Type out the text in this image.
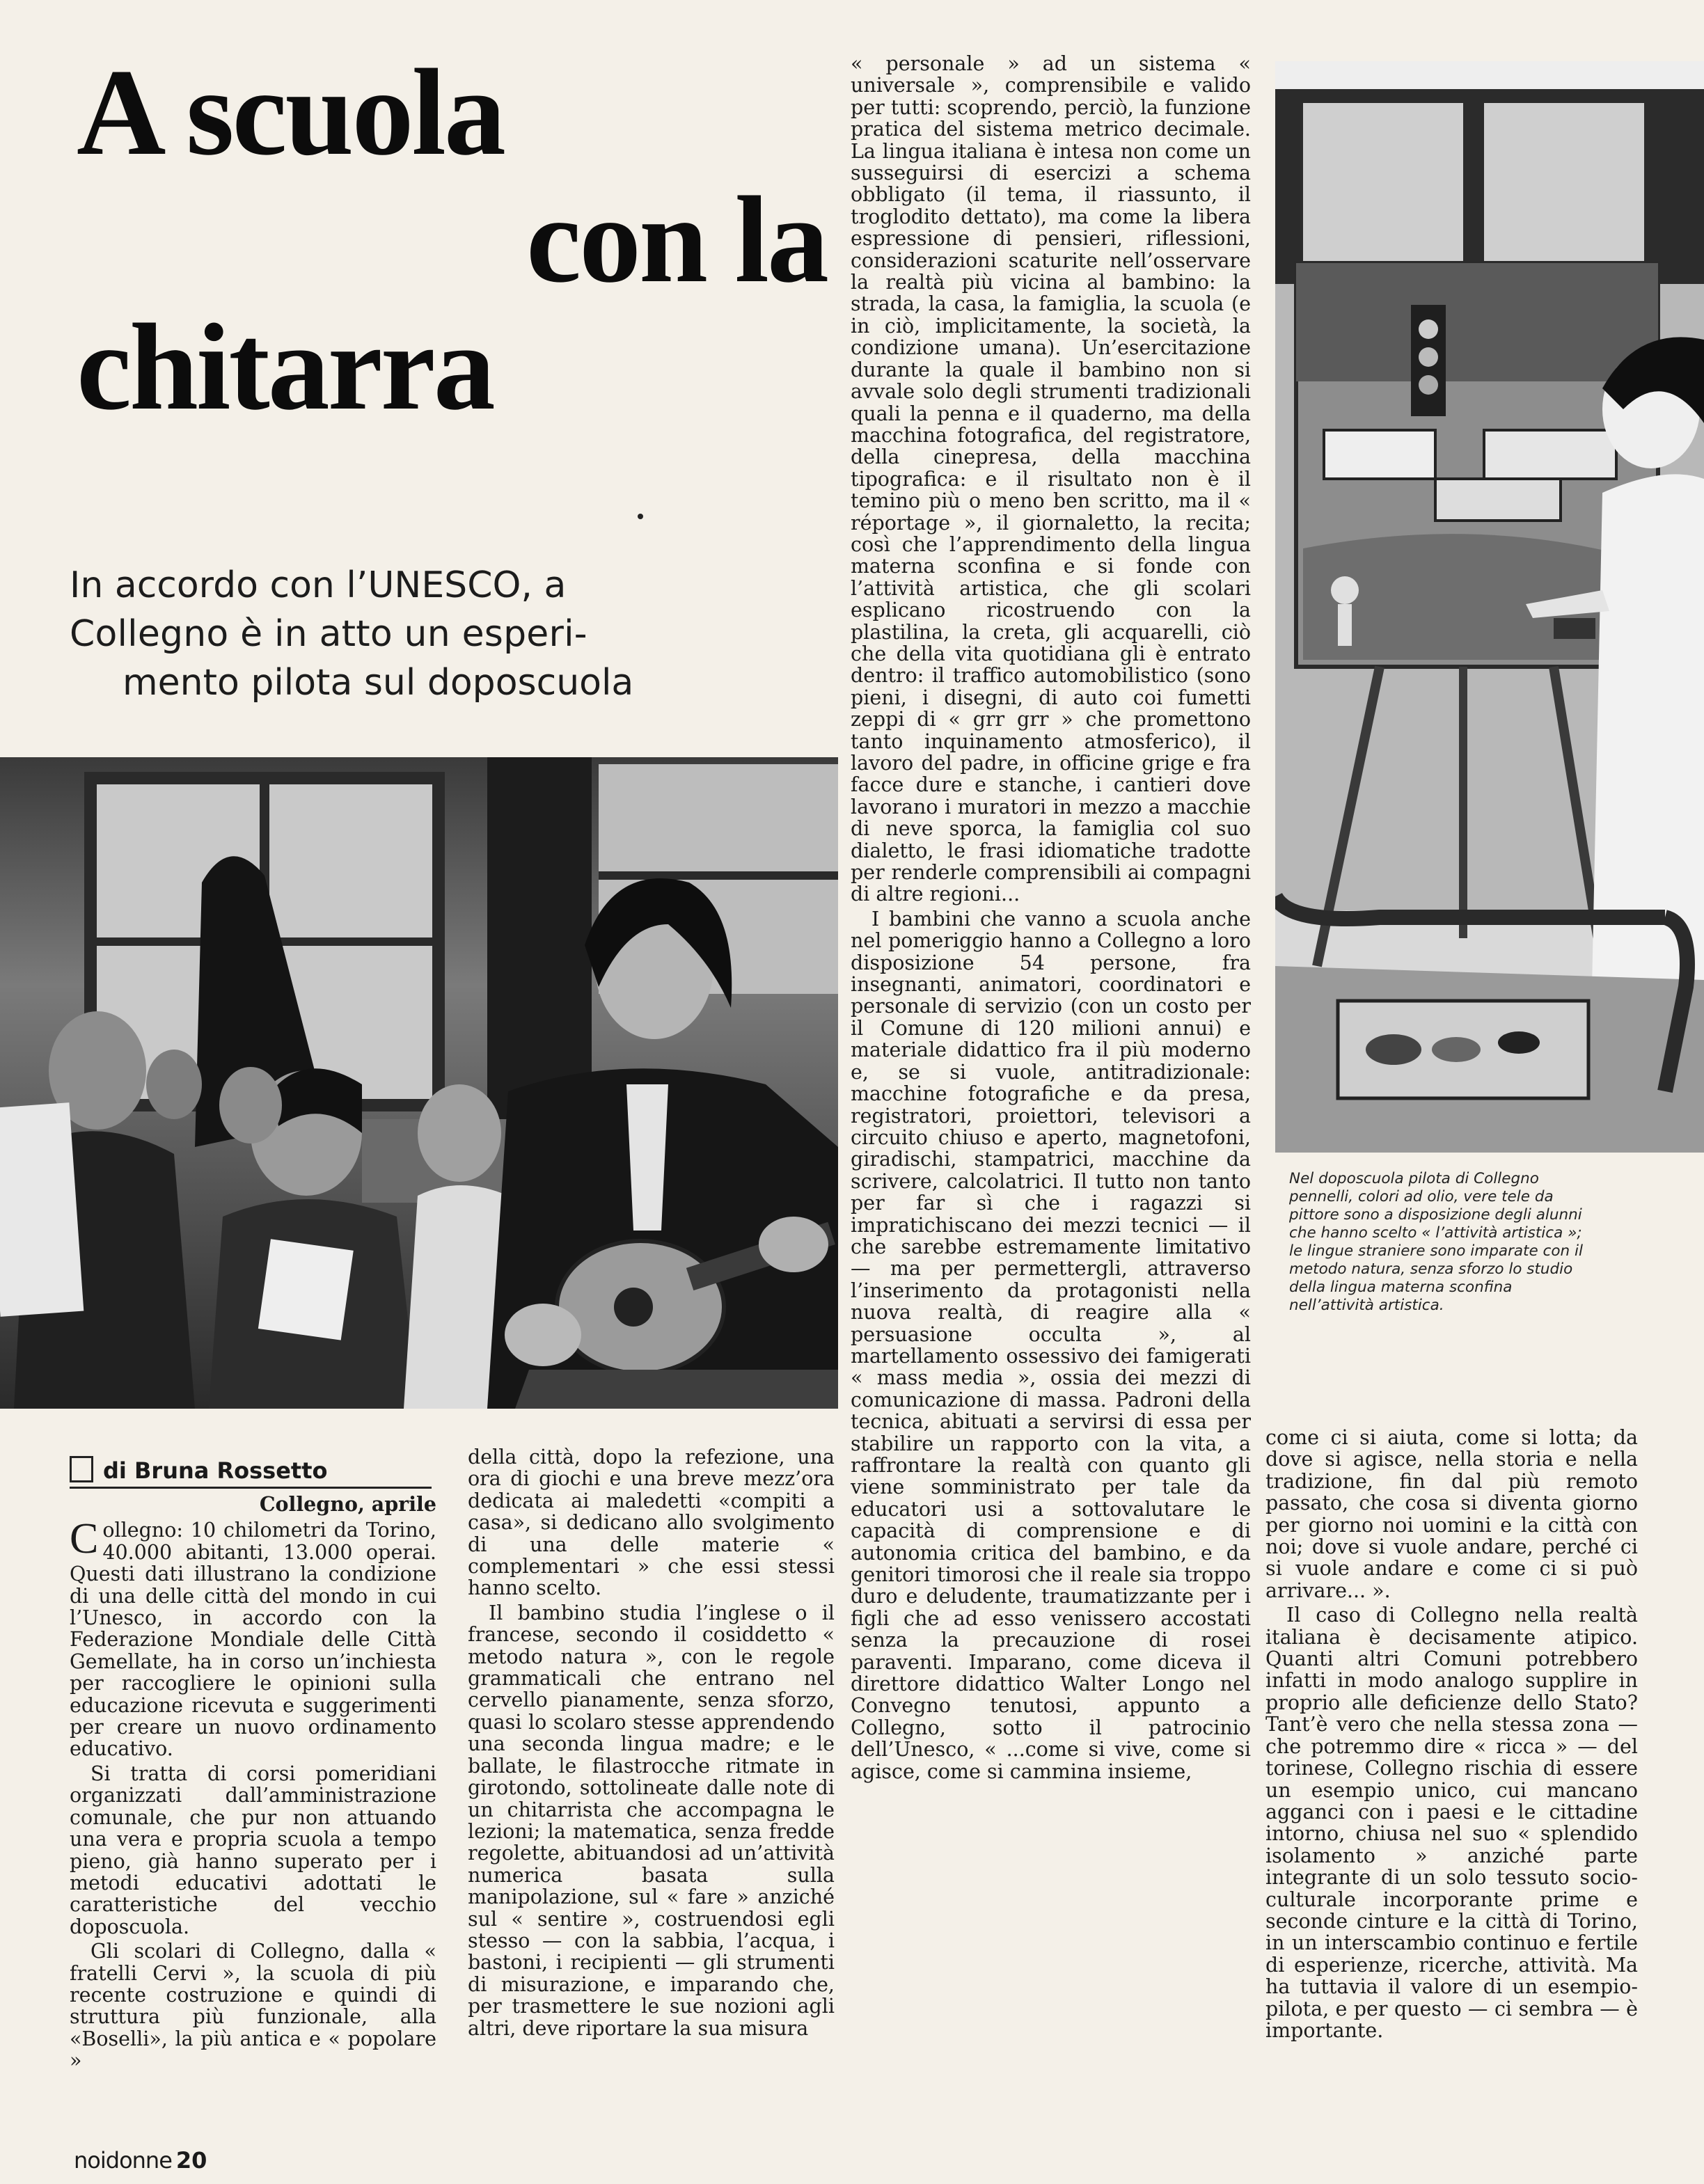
A scuola
con la
chitarra
In accordo con l’UNESCO, a
Collegno è in atto un esperi-
mento pilota sul doposcuola
Nel doposcuola pilota di Collegno pennelli, colori ad olio, vere tele da pittore sono a disposizione degli alunni che hanno scelto « l’attività artistica »; le lingue straniere sono imparate con il metodo natura, senza sforzo lo studio della lingua materna sconfina nell’attività artistica.

« personale » ad un sistema « universale », comprensibile e valido per tutti: scoprendo, perciò, la funzione pratica del sistema metrico decimale. La lingua italiana è intesa non come un susseguirsi di esercizi a schema obbligato (il tema, il riassunto, il troglodito dettato), ma come la libera espressione di pensieri, riflessioni, considerazioni scaturite nell’osservare la realtà più vicina al bambino: la strada, la casa, la famiglia, la scuola (e in ciò, implicitamente, la società, la condizione umana). Un’esercitazione durante la quale il bambino non si avvale solo degli strumenti tradizionali quali la penna e il quaderno, ma della macchina fotografica, del registratore, della cinepresa, della macchina tipografica: e il risultato non è il temino più o meno ben scritto, ma il « réportage », il giornaletto, la recita; così che l’apprendimento della lingua materna sconfina e si fonde con l’attività artistica, che gli scolari esplicano ricostruendo con la plastilina, la creta, gli acquarelli, ciò che della vita quotidiana gli è entrato dentro: il traffico automobilistico (sono pieni, i disegni, di auto coi fumetti zeppi di « grr grr » che promettono tanto inquinamento atmosferico), il lavoro del padre, in officine grige e fra facce dure e stanche, i cantieri dove lavorano i muratori in mezzo a macchie di neve sporca, la famiglia col suo dialetto, le frasi idiomatiche tradotte per renderle comprensibili ai compagni di altre regioni...

I bambini che vanno a scuola anche nel pomeriggio hanno a Collegno a loro disposizione 54 persone, fra insegnanti, animatori, coordinatori e personale di servizio (con un costo per il Comune di 120 milioni annui) e materiale didattico fra il più moderno e, se si vuole, antitradizionale: macchine fotografiche e da presa, registratori, proiettori, televisori a circuito chiuso e aperto, magnetofoni, giradischi, stampatrici, macchine da scrivere, calcolatrici. Il tutto non tanto per far sì che i ragazzi si impratichiscano dei mezzi tecnici — il che sarebbe estremamente limitativo — ma per permettergli, attraverso l’inserimento da protagonisti nella nuova realtà, di reagire alla « persuasione occulta », al martellamento ossessivo dei famigerati « mass media », ossia dei mezzi di comunicazione di massa. Padroni della tecnica, abituati a servirsi di essa per stabilire un rapporto con la vita, a raffrontare la realtà con quanto gli viene somministrato per tale da educatori usi a sottovalutare le capacità di comprensione e di autonomia critica del bambino, e da genitori timorosi che il reale sia troppo duro e deludente, traumatizzante per i figli che ad esso venissero accostati senza la precauzione di rosei paraventi. Imparano, come diceva il direttore didattico Walter Longo nel Convegno tenutosi, appunto a Collegno, sotto il patrocinio dell’Unesco, « ...come si vive, come si agisce, come si cammina insieme,

di Bruna Rossetto
Collegno, aprile

Collegno: 10 chilometri da Torino, 40.000 abitanti, 13.000 operai. Questi dati illustrano la condizione di una delle città del mondo in cui l’Unesco, in accordo con la Federazione Mondiale delle Città Gemellate, ha in corso un’inchiesta per raccogliere le opinioni sulla educazione ricevuta e suggerimenti per creare un nuovo ordinamento educativo.

Si tratta di corsi pomeridiani organizzati dall’amministrazione comunale, che pur non attuando una vera e propria scuola a tempo pieno, già hanno superato per i metodi educativi adottati le caratteristiche del vecchio doposcuola.

Gli scolari di Collegno, dalla « fratelli Cervi », la scuola di più recente costruzione e quindi di struttura più funzionale, alla «Boselli», la più antica e « popolare »

della città, dopo la refezione, una ora di giochi e una breve mezz’ora dedicata ai maledetti «compiti a casa», si dedicano allo svolgimento di una delle materie « complementari » che essi stessi hanno scelto.

Il bambino studia l’inglese o il francese, secondo il cosiddetto « metodo natura », con le regole grammaticali che entrano nel cervello pianamente, senza sforzo, quasi lo scolaro stesse apprendendo una seconda lingua madre; e le ballate, le filastrocche ritmate in girotondo, sottolineate dalle note di un chitarrista che accompagna le lezioni; la matematica, senza fredde regolette, abituandosi ad un’attività numerica basata sulla manipolazione, sul « fare » anziché sul « sentire », costruendosi egli stesso — con la sabbia, l’acqua, i bastoni, i recipienti — gli strumenti di misurazione, e imparando che, per trasmettere le sue nozioni agli altri, deve riportare la sua misura

come ci si aiuta, come si lotta; da dove si agisce, nella storia e nella tradizione, fin dal più remoto passato, che cosa si diventa giorno per giorno noi uomini e la città con noi; dove si vuole andare, perché ci si vuole andare e come ci si può arrivare... ».

Il caso di Collegno nella realtà italiana è decisamente atipico. Quanti altri Comuni potrebbero infatti in modo analogo supplire in proprio alle deficienze dello Stato? Tant’è vero che nella stessa zona — che potremmo dire « ricca » — del torinese, Collegno rischia di essere un esempio unico, cui mancano agganci con i paesi e le cittadine intorno, chiusa nel suo « splendido isolamento » anziché parte integrante di un solo tessuto socio-culturale incorporante prime e seconde cinture e la città di Torino, in un interscambio continuo e fertile di esperienze, ricerche, attività. Ma ha tuttavia il valore di un esempio-pilota, e per questo — ci sembra — è importante.

noidonne 20
